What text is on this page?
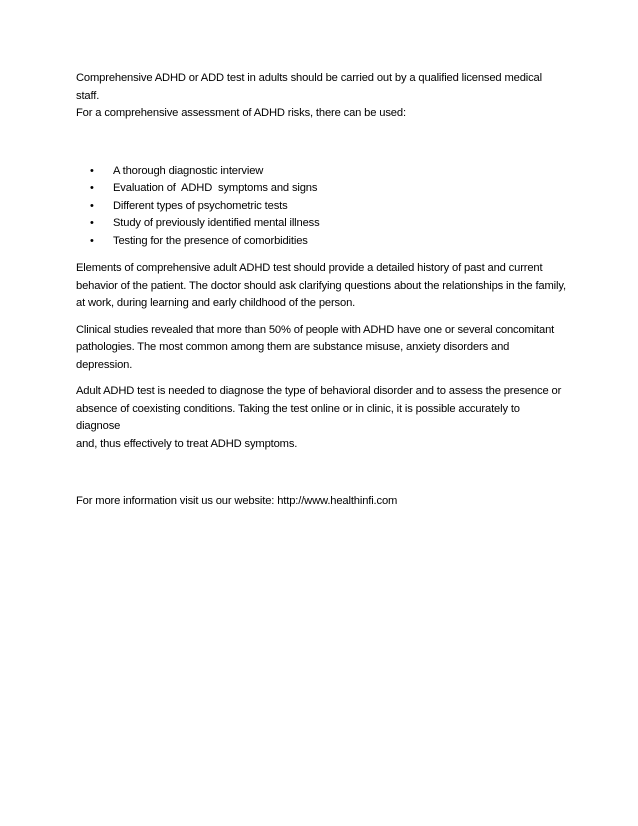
Comprehensive ADHD or ADD test in adults should be carried out by a qualified licensed medical staff.
For a comprehensive assessment of ADHD risks, there can be used:

• A thorough diagnostic interview
• Evaluation of  ADHD  symptoms and signs
• Different types of psychometric tests
• Study of previously identified mental illness
• Testing for the presence of comorbidities

Elements of comprehensive adult ADHD test should provide a detailed history of past and current
behavior of the patient. The doctor should ask clarifying questions about the relationships in the family,
at work, during learning and early childhood of the person.

Clinical studies revealed that more than 50% of people with ADHD have one or several concomitant
pathologies. The most common among them are substance misuse, anxiety disorders and depression.

Adult ADHD test is needed to diagnose the type of behavioral disorder and to assess the presence or
absence of coexisting conditions. Taking the test online or in clinic, it is possible accurately to diagnose
and, thus effectively to treat ADHD symptoms.

For more information visit us our website: http://www.healthinfi.com
